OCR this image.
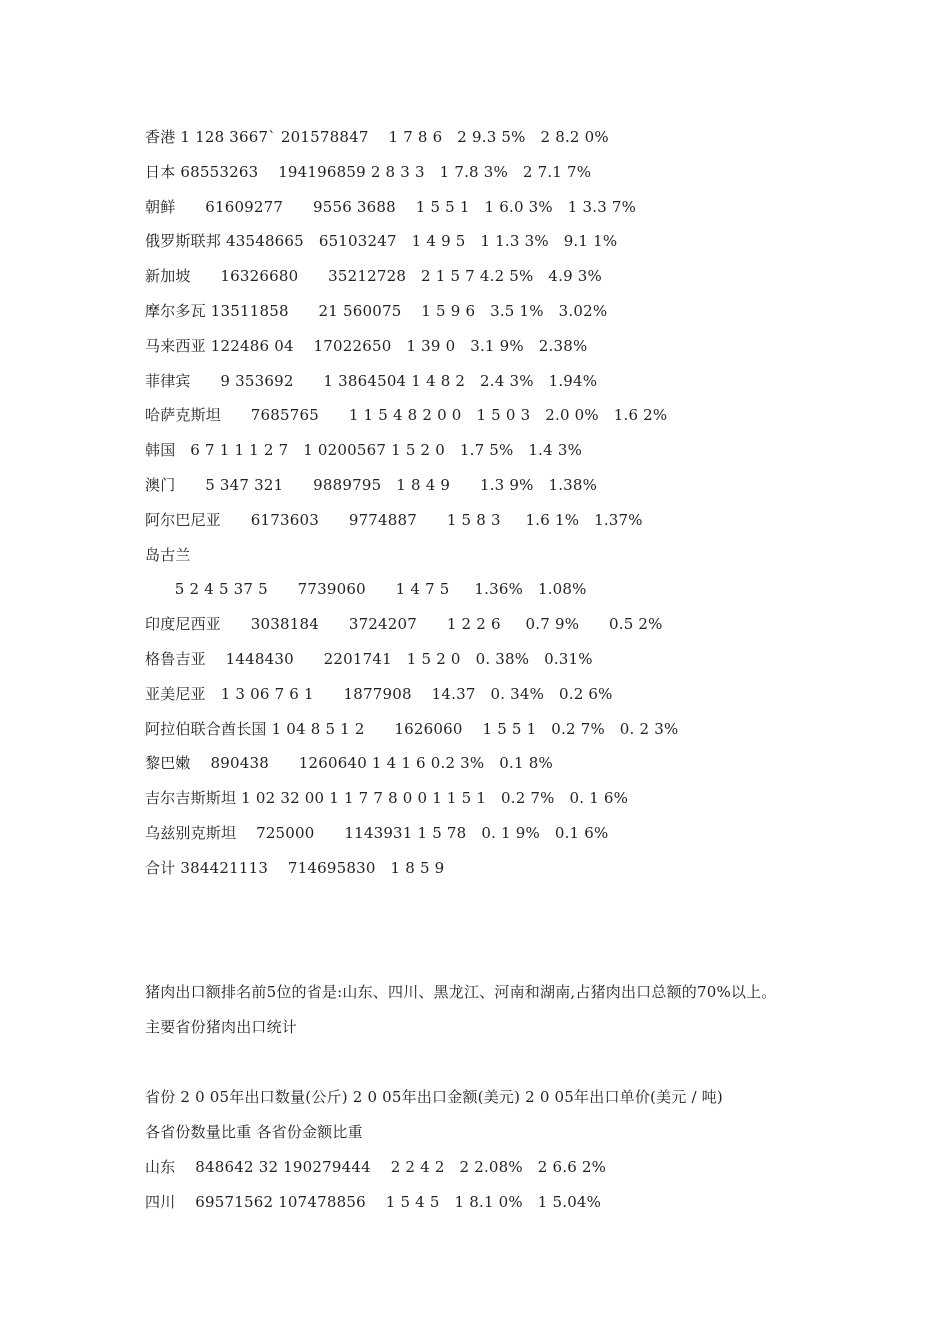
香港 1 128 3667` 201578847    1 7 8 6   2 9.3 5%   2 8.2 0%
日本 68553263    194196859 2 8 3 3   1 7.8 3%   2 7.1 7%
朝鲜      61609277      9556 3688    1 5 5 1   1 6.0 3%   1 3.3 7%
俄罗斯联邦 43548665   65103247   1 4 9 5   1 1.3 3%   9.1 1%
新加坡      16326680      35212728   2 1 5 7 4.2 5%   4.9 3%
摩尔多瓦 13511858      21 560075    1 5 9 6   3.5 1%   3.02%
马来西亚 122486 04    17022650   1 39 0   3.1 9%   2.38%
菲律宾      9 353692      1 3864504 1 4 8 2   2.4 3%   1.94%
哈萨克斯坦      7685765      1 1 5 4 8 2 0 0   1 5 0 3   2.0 0%   1.6 2%
韩国   6 7 1 1 1 2 7   1 0200567 1 5 2 0   1.7 5%   1.4 3%
澳门      5 347 321      9889795   1 8 4 9      1.3 9%   1.38%
阿尔巴尼亚      6173603      9774887      1 5 8 3     1.6 1%   1.37%
岛古兰
5 2 4 5 37 5      7739060      1 4 7 5     1.36%   1.08%
印度尼西亚      3038184      3724207      1 2 2 6     0.7 9%      0.5 2%
格鲁吉亚    1448430      2201741   1 5 2 0   0. 38%   0.31%
亚美尼亚   1 3 06 7 6 1      1877908    14.37   0. 34%   0.2 6%
阿拉伯联合酋长国 1 04 8 5 1 2      1626060    1 5 5 1   0.2 7%   0. 2 3%
黎巴嫩    890438      1260640 1 4 1 6 0.2 3%   0.1 8%
吉尔吉斯斯坦 1 02 32 00 1 1 7 7 8 0 0 1 1 5 1   0.2 7%   0. 1 6%
乌兹别克斯坦    725000      1143931 1 5 78   0. 1 9%   0.1 6%
合计 384421113    714695830   1 8 5 9
猪肉出口额排名前5位的省是:山东、四川、黑龙江、河南和湖南,占猪肉出口总额的70%以上。
主要省份猪肉出口统计
省份 2 0 05年出口数量(公斤) 2 0 05年出口金额(美元) 2 0 05年出口单价(美元 / 吨)
各省份数量比重 各省份金额比重
山东    848642 32 190279444    2 2 4 2   2 2.08%   2 6.6 2%
四川    69571562 107478856    1 5 4 5   1 8.1 0%   1 5.04%
